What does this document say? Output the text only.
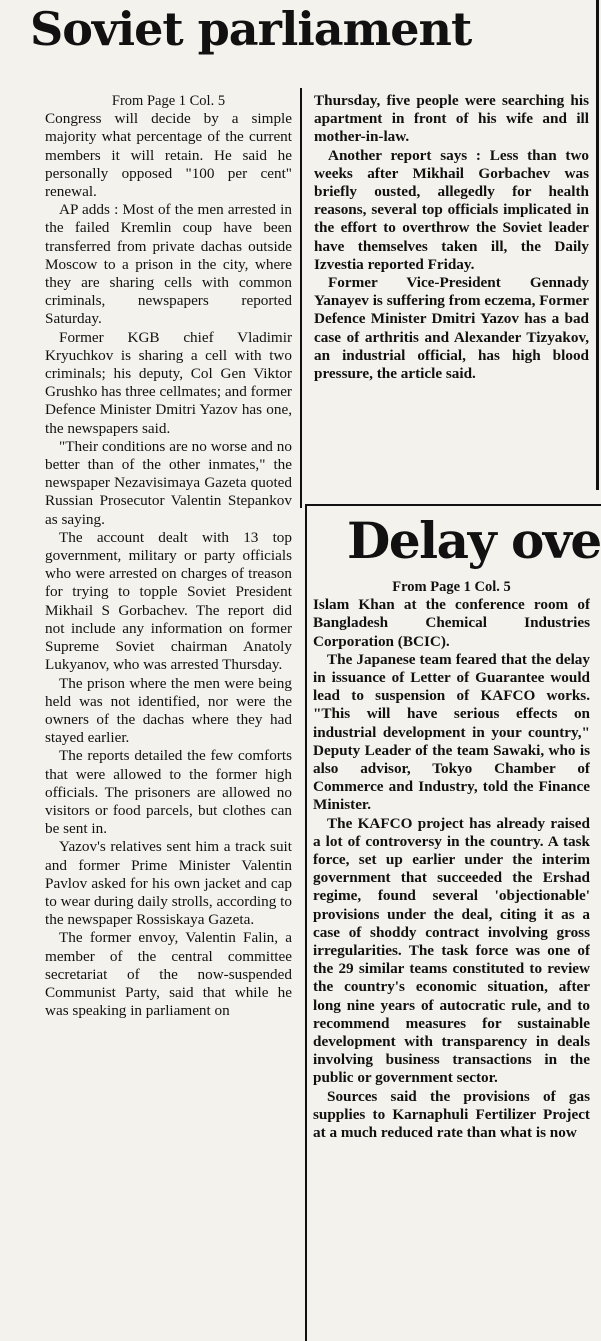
Soviet parliament

From Page 1 Col. 5

Congress will decide by a simple majority what percentage of the current members it will retain. He said he personally opposed "100 per cent" renewal.

AP adds : Most of the men arrested in the failed Kremlin coup have been transferred from private dachas outside Moscow to a prison in the city, where they are sharing cells with common criminals, newspapers reported Saturday.

Former KGB chief Vladimir Kryuchkov is sharing a cell with two criminals; his deputy, Col Gen Viktor Grushko has three cellmates; and former Defence Minister Dmitri Yazov has one, the newspapers said.

"Their conditions are no worse and no better than of the other inmates," the newspaper Nezavisimaya Gazeta quoted Russian Prosecutor Valentin Stepankov as saying.

The account dealt with 13 top government, military or party officials who were arrested on charges of treason for trying to topple Soviet President Mikhail S Gorbachev. The report did not include any information on former Supreme Soviet chairman Anatoly Lukyanov, who was arrested Thursday.

The prison where the men were being held was not identified, nor were the owners of the dachas where they had stayed earlier.

The reports detailed the few comforts that were allowed to the former high officials. The prisoners are allowed no visitors or food parcels, but clothes can be sent in.

Yazov's relatives sent him a track suit and former Prime Minister Valentin Pavlov asked for his own jacket and cap to wear during daily strolls, according to the newspaper Rossiskaya Gazeta.

The former envoy, Valentin Falin, a member of the central committee secretariat of the now-suspended Communist Party, said that while he was speaking in parliament on

Thursday, five people were searching his apartment in front of his wife and ill mother-in-law.

Another report says : Less than two weeks after Mikhail Gorbachev was briefly ousted, allegedly for health reasons, several top officials implicated in the effort to overthrow the Soviet leader have themselves taken ill, the Daily Izvestia reported Friday.

Former Vice-President Gennady Yanayev is suffering from eczema, Former Defence Minister Dmitri Yazov has a bad case of arthritis and Alexander Tizyakov, an industrial official, has high blood pressure, the article said.

Delay ove

From Page 1 Col. 5

Islam Khan at the conference room of Bangladesh Chemical Industries Corporation (BCIC).

The Japanese team feared that the delay in issuance of Letter of Guarantee would lead to suspension of KAFCO works. "This will have serious effects on industrial development in your country," Deputy Leader of the team Sawaki, who is also advisor, Tokyo Chamber of Commerce and Industry, told the Finance Minister.

The KAFCO project has already raised a lot of controversy in the country. A task force, set up earlier under the interim government that succeeded the Ershad regime, found several 'objectionable' provisions under the deal, citing it as a case of shoddy contract involving gross irregularities. The task force was one of the 29 similar teams constituted to review the country's economic situation, after long nine years of autocratic rule, and to recommend measures for sustainable development with transparency in deals involving business transactions in the public or government sector.

Sources said the provisions of gas supplies to Karnaphuli Fertilizer Project at a much reduced rate than what is now
